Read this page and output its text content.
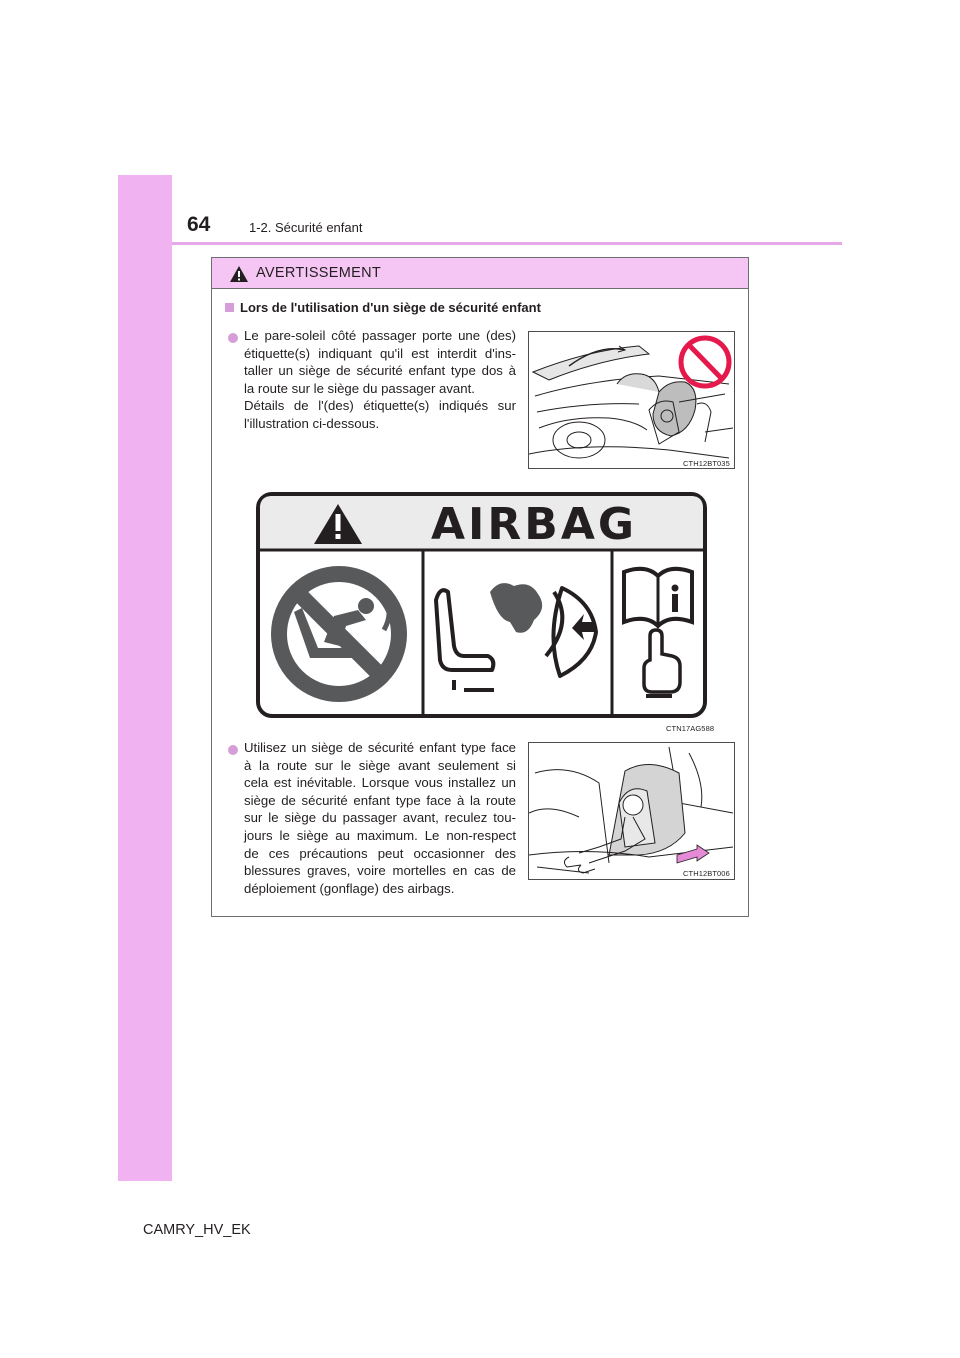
64	1-2. Sécurité enfant
AVERTISSEMENT
Lors de l'utilisation d'un siège de sécurité enfant
Le pare-soleil côté passager porte une (des)
étiquette(s) indiquant qu'il est interdit d'ins-
taller un siège de sécurité enfant type dos à
la route sur le siège du passager avant.
Détails de l'(des) étiquette(s) indiqués sur
l'illustration ci-dessous.
CTH12BT035
AIRBAG
CTN17AG588
Utilisez un siège de sécurité enfant type face
à la route sur le siège avant seulement si
cela est inévitable. Lorsque vous installez un
siège de sécurité enfant type face à la route
sur le siège du passager avant, reculez tou-
jours le siège au maximum. Le non-respect
de ces précautions peut occasionner des
blessures graves, voire mortelles en cas de
déploiement (gonflage) des airbags.
CTH12BT006
CAMRY_HV_EK
